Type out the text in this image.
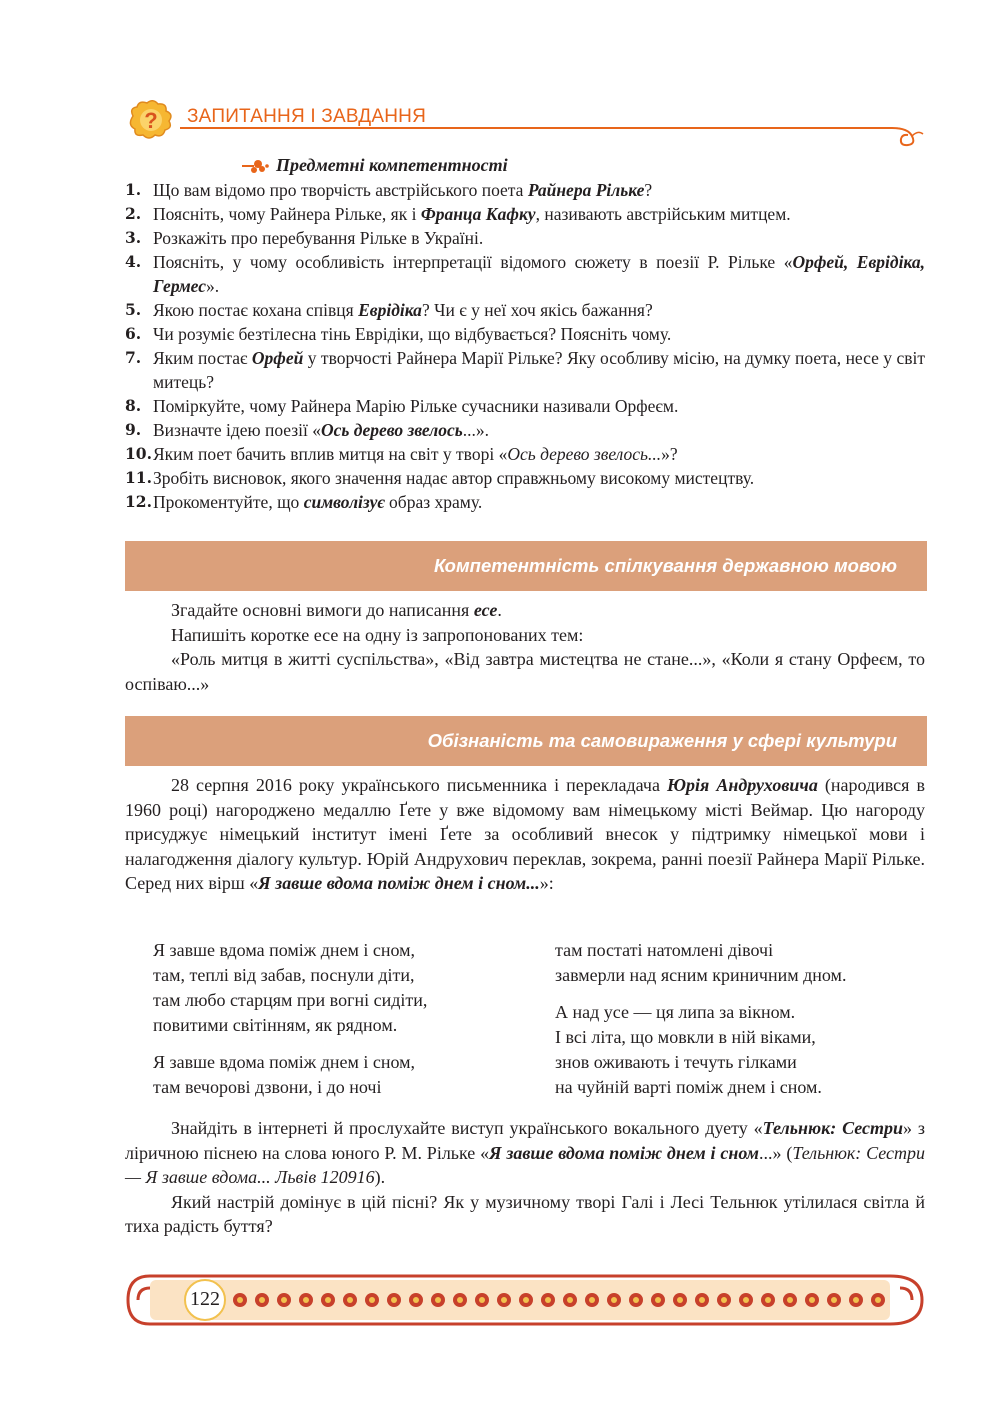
? ЗАПИТАННЯ І ЗАВДАННЯ
Предметні компетентності
1. Що вам відомо про творчість австрійського поета Райнера Рільке?
2. Поясніть, чому Райнера Рільке, як і Франца Кафку, називають австрійським митцем.
3. Розкажіть про перебування Рільке в Україні.
4. Поясніть, у чому особливість інтерпретації відомого сюжету в поезії Р. Рільке «Орфей, Еврідіка, Гермес».
5. Якою постає кохана співця Еврідіка? Чи є у неї хоч якісь бажання?
6. Чи розуміє безтілесна тінь Еврідіки, що відбувається? Поясніть чому.
7. Яким постає Орфей у творчості Райнера Марії Рільке? Яку особливу місію, на думку поета, несе у світ митець?
8. Поміркуйте, чому Райнера Марію Рільке сучасники називали Орфеєм.
9. Визначте ідею поезії «Ось дерево звелось...».
10. Яким поет бачить вплив митця на світ у творі «Ось дерево звелось...»?
11. Зробіть висновок, якого значення надає автор справжньому високому мистецтву.
12. Прокоментуйте, що символізує образ храму.
Компетентність спілкування державною мовою

Згадайте основні вимоги до написання есе.

Напишіть коротке есе на одну із запропонованих тем:

«Роль митця в житті суспільства», «Від завтра мистецтва не стане...», «Коли я стану Орфеєм, то оспіваю...»

Обізнаність та самовираження у сфері культури

28 серпня 2016 року українського письменника і перекладача Юрія Андруховича (народився в 1960 році) нагороджено медаллю Ґете у вже відомому вам німецькому місті Веймар. Цю нагороду присуджує німецький інститут імені Ґете за особливий внесок у підтримку німецької мови і налагодження діалогу культур. Юрій Андрухович переклав, зокрема, ранні поезії Райнера Марії Рільке. Серед них вірш «Я завше вдома поміж днем і сном...»:

Я завше вдома поміж днем і сном,
там, теплі від забав, поснули діти,
там любо старцям при вогні сидіти,
повитими світінням, як рядном.
Я завше вдома поміж днем і сном,
там вечорові дзвони, і до ночі
там постаті натомлені дівочі
завмерли над ясним криничним дном.
А над усе — ця липа за вікном.
І всі літа, що мовкли в ній віками,
знов оживають і течуть гілками
на чуйній варті поміж днем і сном.

Знайдіть в інтернеті й прослухайте виступ українського вокального дуету «Тельнюк: Сестри» з ліричною піснею на слова юного Р. М. Рільке «Я завше вдома поміж днем і сном...» (Тельнюк: Сестри — Я завше вдома... Львів 120916).

Який настрій домінує в цій пісні? Як у музичному творі Галі і Лесі Тельнюк утілилася світла й тиха радість буття?

122
